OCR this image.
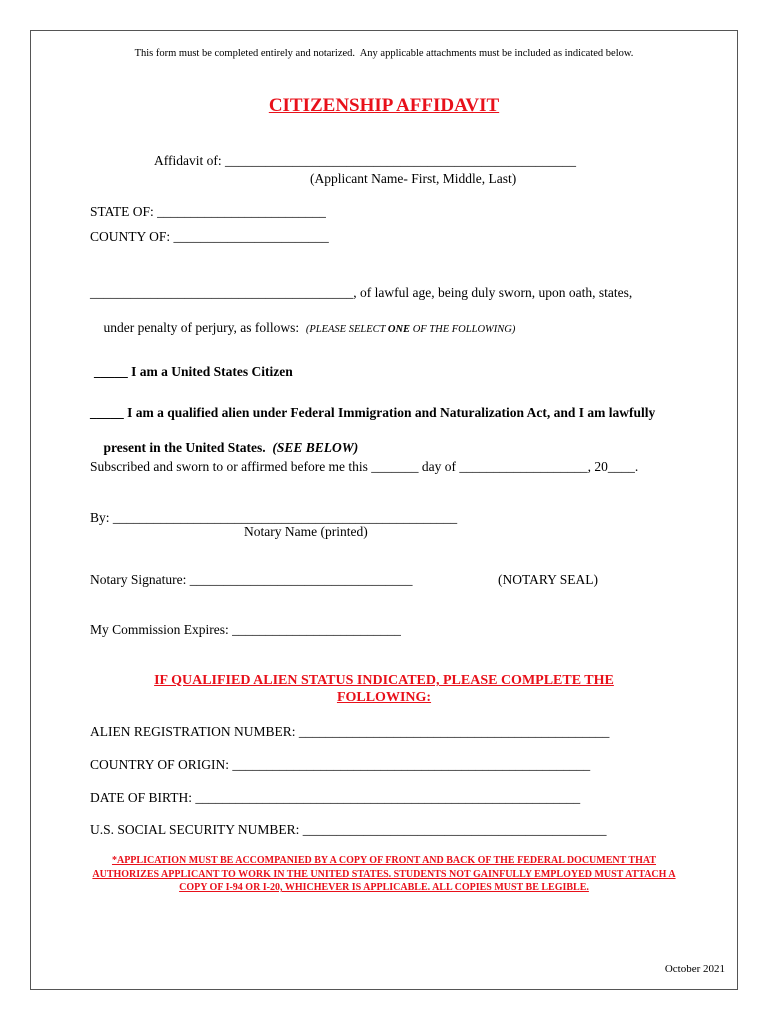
This form must be completed entirely and notarized.  Any applicable attachments must be included as indicated below.
CITIZENSHIP AFFIDAVIT
Affidavit of: ____________________________________________________
(Applicant Name- First, Middle, Last)
STATE OF: _________________________
COUNTY OF: _______________________
_______________________________________, of lawful age, being duly sworn, upon oath, states,

under penalty of perjury, as follows:  (PLEASE SELECT ONE OF THE FOLLOWING)

_____ I am a United States Citizen
_____ I am a qualified alien under Federal Immigration and Naturalization Act, and I am lawfully

present in the United States.  (SEE BELOW)

Subscribed and sworn to or affirmed before me this _______ day of ___________________, 20____.
By: ___________________________________________________
Notary Name (printed)
Notary Signature: _________________________________	(NOTARY SEAL)
My Commission Expires: _________________________
IF QUALIFIED ALIEN STATUS INDICATED, PLEASE COMPLETE THE FOLLOWING:
ALIEN REGISTRATION NUMBER: ______________________________________________
COUNTRY OF ORIGIN: _____________________________________________________
DATE OF BIRTH: _________________________________________________________
U.S. SOCIAL SECURITY NUMBER: _____________________________________________
*APPLICATION MUST BE ACCOMPANIED BY A COPY OF FRONT AND BACK OF THE FEDERAL DOCUMENT THAT AUTHORIZES APPLICANT TO WORK IN THE UNITED STATES. STUDENTS NOT GAINFULLY EMPLOYED MUST ATTACH A COPY OF I-94 OR I-20, WHICHEVER IS APPLICABLE. ALL COPIES MUST BE LEGIBLE.
October 2021
